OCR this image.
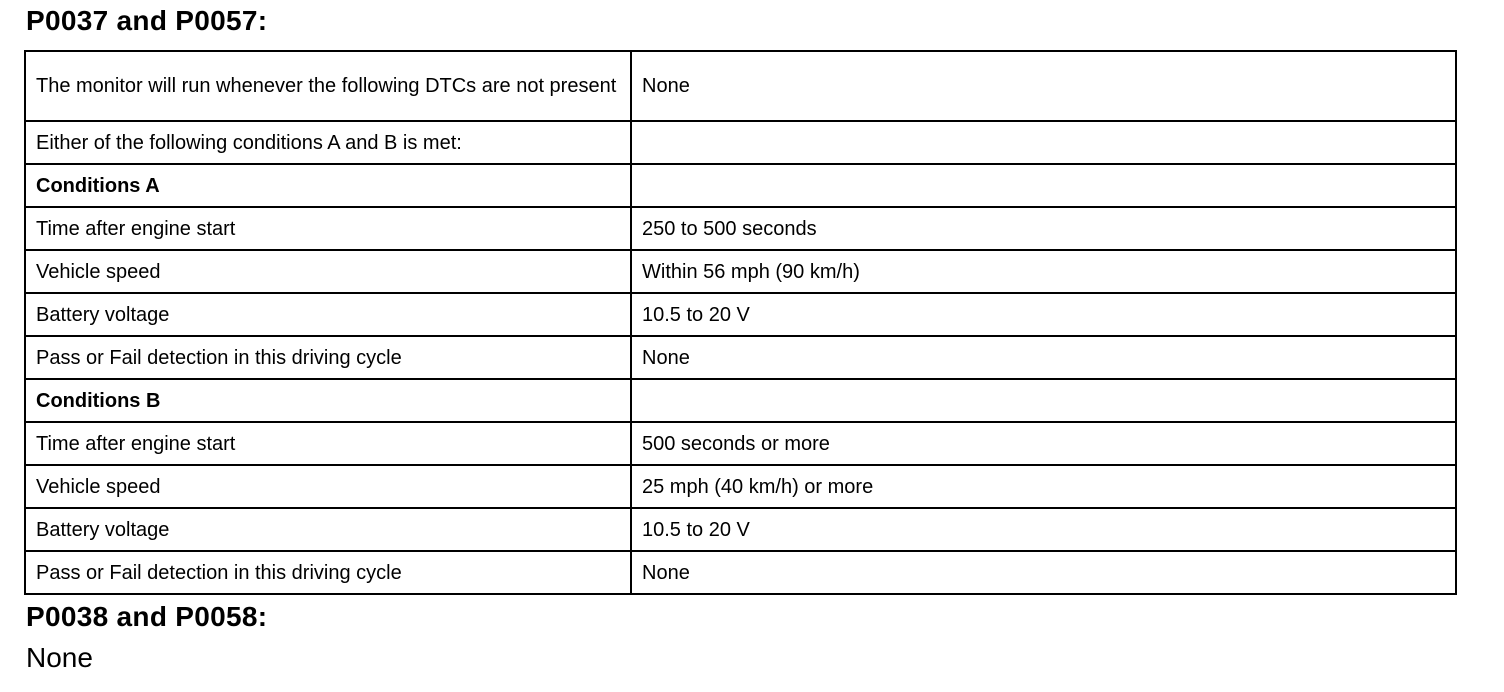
P0037 and P0057:
The monitor will run whenever the following DTCs are not present	None
Either of the following conditions A and B is met:	
Conditions A	
Time after engine start	250 to 500 seconds
Vehicle speed	Within 56 mph (90 km/h)
Battery voltage	10.5 to 20 V
Pass or Fail detection in this driving cycle	None
Conditions B	
Time after engine start	500 seconds or more
Vehicle speed	25 mph (40 km/h) or more
Battery voltage	10.5 to 20 V
Pass or Fail detection in this driving cycle	None
P0038 and P0058:

None
